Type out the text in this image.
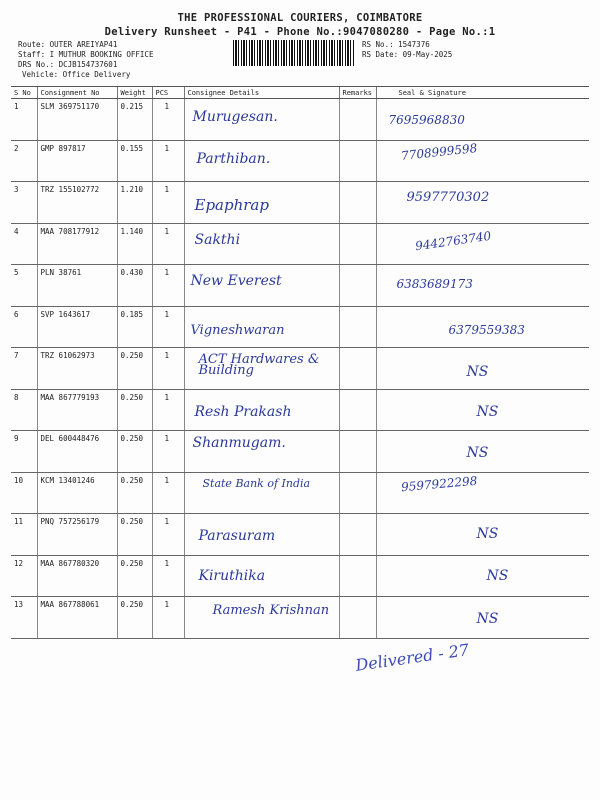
THE PROFESSIONAL COURIERS, COIMBATORE
Delivery Runsheet - P41 - Phone No.:9047080280 - Page No.:1
Route: OUTER AREIYAP41
Staff: I MUTHUR BOOKING OFFICE
DRS No.: DCJB154737601
Vehicle: Office Delivery
RS No.: 1547376
RS Date: 09-May-2025
S No	Consignment No	Weight	PCS	Consignee Details	Remarks	Seal & Signature
1	SLM 369751170	0.215	1	Murugesan.		7695968830

2	GMP 897817	0.155	1	Parthiban.		7708999598

3	TRZ 155102772	1.210	1	Epaphrap		9597770302

4	MAA 708177912	1.140	1	Sakthi		9442763740

5	PLN 38761	0.430	1	New Everest		6383689173

6	SVP 1643617	0.185	1	Vigneshwaran		6379559383

7	TRZ 61062973	0.250	1	ACT Hardwares & Building		NS

8	MAA 867779193	0.250	1	Resh Prakash		NS

9	DEL 600448476	0.250	1	Shanmugam.		NS

10	KCM 13401246	0.250	1	State Bank of India		9597922298

11	PNQ 757256179	0.250	1	Parasuram		NS

12	MAA 867780320	0.250	1	Kiruthika		NS

13	MAA 867788061	0.250	1	Ramesh Krishnan		NS
Delivered - 27
